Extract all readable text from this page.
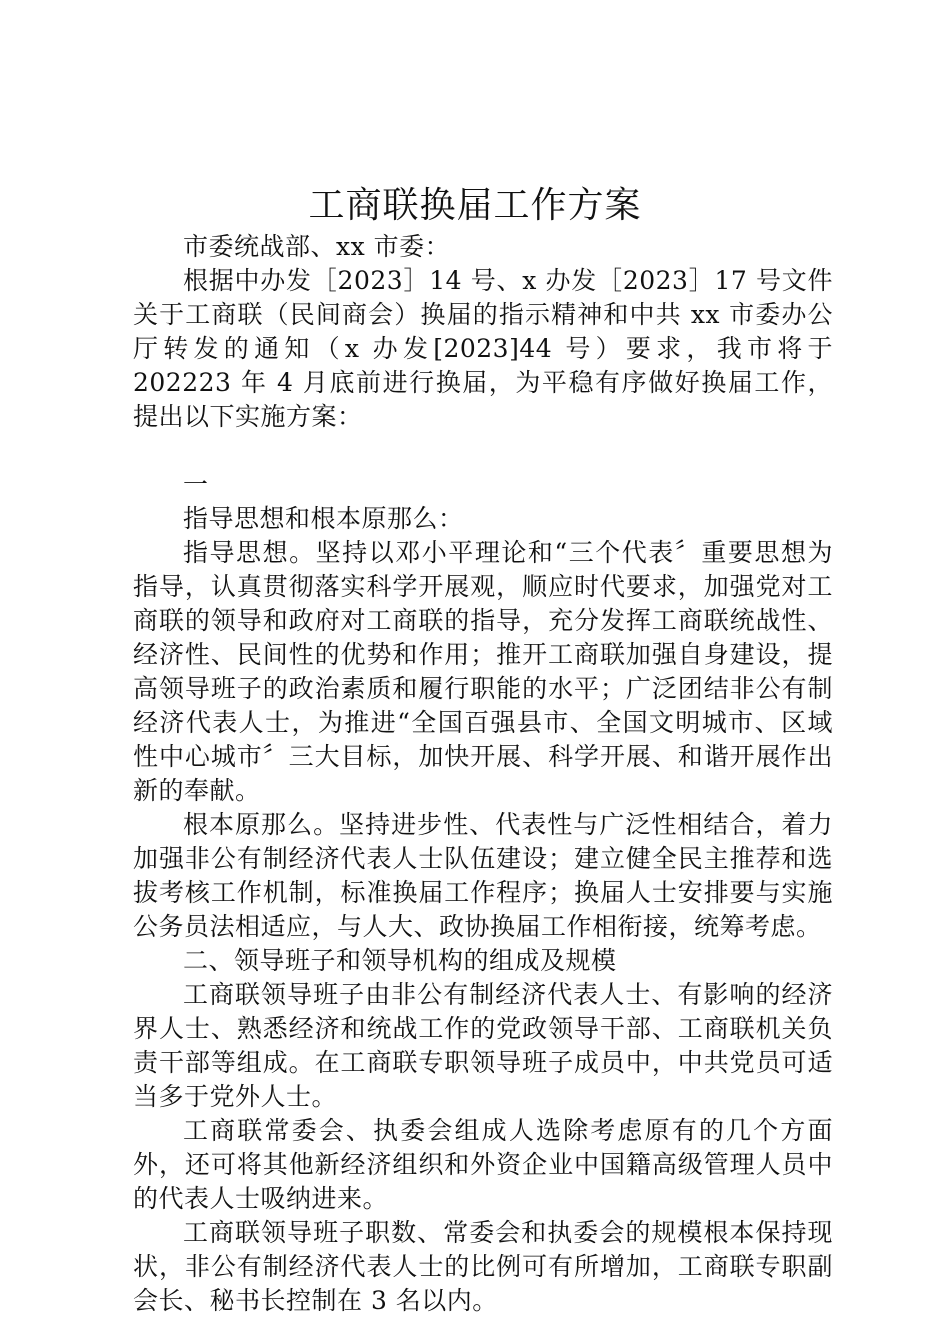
工商联换届工作方案

市委统战部、xx 市委：

根据中办发［2023］14 号、x 办发［2023］17 号文件关于工商联（民间商会）换届的指示精神和中共 xx 市委办公厅转发的通知（x 办发[2023]44 号）要求，我市将于 202223 年 4 月底前进行换届，为平稳有序做好换届工作，提出以下实施方案：

一

指导思想和根本原那么：

指导思想。坚持以邓小平理论和“三个代表〞重要思想为指导，认真贯彻落实科学开展观，顺应时代要求，加强党对工商联的领导和政府对工商联的指导，充分发挥工商联统战性、经济性、民间性的优势和作用；推开工商联加强自身建设，提高领导班子的政治素质和履行职能的水平；广泛团结非公有制经济代表人士，为推进“全国百强县市、全国文明城市、区域性中心城市〞三大目标，加快开展、科学开展、和谐开展作出新的奉献。

根本原那么。坚持进步性、代表性与广泛性相结合，着力加强非公有制经济代表人士队伍建设；建立健全民主推荐和选拔考核工作机制，标准换届工作程序；换届人士安排要与实施公务员法相适应，与人大、政协换届工作相衔接，统筹考虑。

二、领导班子和领导机构的组成及规模

工商联领导班子由非公有制经济代表人士、有影响的经济界人士、熟悉经济和统战工作的党政领导干部、工商联机关负责干部等组成。在工商联专职领导班子成员中，中共党员可适当多于党外人士。

工商联常委会、执委会组成人选除考虑原有的几个方面外，还可将其他新经济组织和外资企业中国籍高级管理人员中的代表人士吸纳进来。

工商联领导班子职数、常委会和执委会的规模根本保持现状，非公有制经济代表人士的比例可有所增加，工商联专职副会长、秘书长控制在 3 名以内。
